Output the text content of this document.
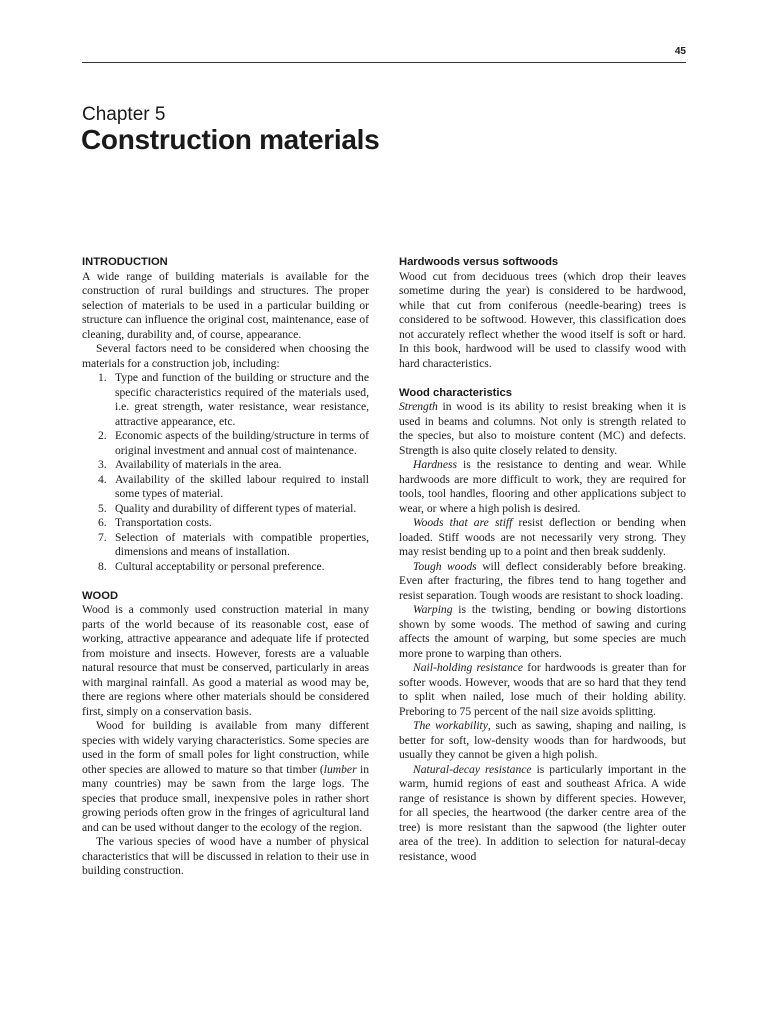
45
Chapter 5
Construction materials
INTRODUCTION

A wide range of building materials is available for the construction of rural buildings and structures. The proper selection of materials to be used in a particular building or structure can influence the original cost, maintenance, ease of cleaning, durability and, of course, appearance.

Several factors need to be considered when choosing the materials for a construction job, including:

1. Type and function of the building or structure and the specific characteristics required of the materials used, i.e. great strength, water resistance, wear resistance, attractive appearance, etc.
2. Economic aspects of the building/structure in terms of original investment and annual cost of maintenance.
3. Availability of materials in the area.
4. Availability of the skilled labour required to install some types of material.
5. Quality and durability of different types of material.
6. Transportation costs.
7. Selection of materials with compatible properties, dimensions and means of installation.
8. Cultural acceptability or personal preference.
WOOD

Wood is a commonly used construction material in many parts of the world because of its reasonable cost, ease of working, attractive appearance and adequate life if protected from moisture and insects. However, forests are a valuable natural resource that must be conserved, particularly in areas with marginal rainfall. As good a material as wood may be, there are regions where other materials should be considered first, simply on a conservation basis.

Wood for building is available from many different species with widely varying characteristics. Some species are used in the form of small poles for light construction, while other species are allowed to mature so that timber (lumber in many countries) may be sawn from the large logs. The species that produce small, inexpensive poles in rather short growing periods often grow in the fringes of agricultural land and can be used without danger to the ecology of the region.

The various species of wood have a number of physical characteristics that will be discussed in relation to their use in building construction.

Hardwoods versus softwoods

Wood cut from deciduous trees (which drop their leaves sometime during the year) is considered to be hardwood, while that cut from coniferous (needle-bearing) trees is considered to be softwood. However, this classification does not accurately reflect whether the wood itself is soft or hard. In this book, hardwood will be used to classify wood with hard characteristics.

Wood characteristics

Strength in wood is its ability to resist breaking when it is used in beams and columns. Not only is strength related to the species, but also to moisture content (MC) and defects. Strength is also quite closely related to density.

Hardness is the resistance to denting and wear. While hardwoods are more difficult to work, they are required for tools, tool handles, flooring and other applications subject to wear, or where a high polish is desired.

Woods that are stiff resist deflection or bending when loaded. Stiff woods are not necessarily very strong. They may resist bending up to a point and then break suddenly.

Tough woods will deflect considerably before breaking. Even after fracturing, the fibres tend to hang together and resist separation. Tough woods are resistant to shock loading.

Warping is the twisting, bending or bowing distortions shown by some woods. The method of sawing and curing affects the amount of warping, but some species are much more prone to warping than others.

Nail-holding resistance for hardwoods is greater than for softer woods. However, woods that are so hard that they tend to split when nailed, lose much of their holding ability. Preboring to 75 percent of the nail size avoids splitting.

The workability, such as sawing, shaping and nailing, is better for soft, low-density woods than for hardwoods, but usually they cannot be given a high polish.

Natural-decay resistance is particularly important in the warm, humid regions of east and southeast Africa. A wide range of resistance is shown by different species. However, for all species, the heartwood (the darker centre area of the tree) is more resistant than the sapwood (the lighter outer area of the tree). In addition to selection for natural-decay resistance, wood
